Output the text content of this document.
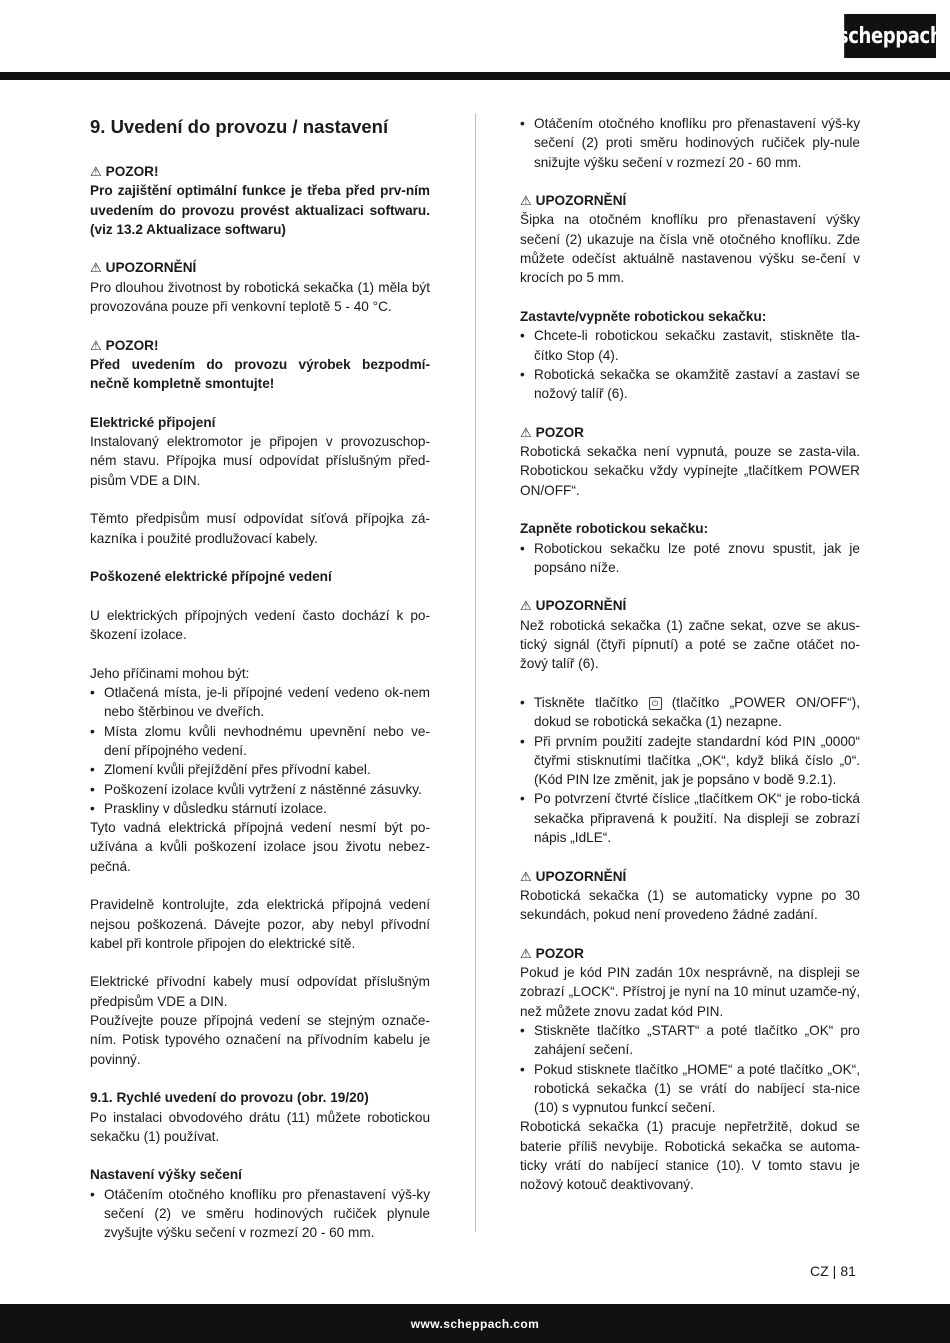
scheppach
9. Uvedení do provozu / nastavení

⚠ POZOR!

Pro zajištění optimální funkce je třeba před prv-ním uvedením do provozu provést aktualizaci softwaru. (viz 13.2 Aktualizace softwaru)

⚠ UPOZORNĚNÍ

Pro dlouhou životnost by robotická sekačka (1) měla být provozována pouze při venkovní teplotě 5 - 40 °C.

⚠ POZOR!

Před uvedením do provozu výrobek bezpodmí-nečně kompletně smontujte!

Elektrické připojení

Instalovaný elektromotor je připojen v provozuschop-ném stavu. Přípojka musí odpovídat příslušným před-pisům VDE a DIN.

Těmto předpisům musí odpovídat síťová přípojka zá-kazníka i použité prodlužovací kabely.

Poškozené elektrické přípojné vedení

U elektrických přípojných vedení často dochází k po-škození izolace.

Jeho příčinami mohou být:

• Otlačená místa, je-li přípojné vedení vedeno ok-nem nebo štěrbinou ve dveřích.
• Místa zlomu kvůli nevhodnému upevnění nebo ve-dení přípojného vedení.
• Zlomení kvůli přejíždění přes přívodní kabel.
• Poškození izolace kvůli vytržení z nástěnné zásuvky.
• Praskliny v důsledku stárnutí izolace.

Tyto vadná elektrická přípojná vedení nesmí být po-užívána a kvůli poškození izolace jsou životu nebez-pečná.

Pravidelně kontrolujte, zda elektrická přípojná vedení nejsou poškozená. Dávejte pozor, aby nebyl přívodní kabel při kontrole připojen do elektrické sítě.

Elektrické přívodní kabely musí odpovídat příslušným předpisům VDE a DIN.

Používejte pouze přípojná vedení se stejným označe-ním. Potisk typového označení na přívodním kabelu je povinný.

9.1. Rychlé uvedení do provozu (obr. 19/20)

Po instalaci obvodového drátu (11) můžete robotickou sekačku (1) používat.

Nastavení výšky sečení

• Otáčením otočného knoflíku pro přenastavení výš-ky sečení (2) ve směru hodinových ručiček plynule zvyšujte výšku sečení v rozmezí 20 - 60 mm.
• Otáčením otočného knoflíku pro přenastavení výš-ky sečení (2) proti směru hodinových ručiček ply-nule snižujte výšku sečení v rozmezí 20 - 60 mm.

⚠ UPOZORNĚNÍ

Šipka na otočném knoflíku pro přenastavení výšky sečení (2) ukazuje na čísla vně otočného knoflíku. Zde můžete odečíst aktuálně nastavenou výšku se-čení v krocích po 5 mm.

Zastavte/vypněte robotickou sekačku:

• Chcete-li robotickou sekačku zastavit, stiskněte tla-čítko Stop (4).
• Robotická sekačka se okamžitě zastaví a zastaví se nožový talíř (6).

⚠ POZOR

Robotická sekačka není vypnutá, pouze se zasta-vila. Robotickou sekačku vždy vypínejte „tlačítkem POWER ON/OFF“.

Zapněte robotickou sekačku:

• Robotickou sekačku lze poté znovu spustit, jak je popsáno níže.

⚠ UPOZORNĚNÍ

Než robotická sekačka (1) začne sekat, ozve se akus-tický signál (čtyři pípnutí) a poté se začne otáčet no-žový talíř (6).

• Tiskněte tlačítko ⏻ (tlačítko „POWER ON/OFF“), dokud se robotická sekačka (1) nezapne.
• Při prvním použití zadejte standardní kód PIN „0000“ čtyřmi stisknutími tlačítka „OK“, když bliká číslo „0“. (Kód PIN lze změnit, jak je popsáno v bodě 9.2.1).
• Po potvrzení čtvrté číslice „tlačítkem OK“ je robo-tická sekačka připravená k použití. Na displeji se zobrazí nápis „IdLE“.

⚠ UPOZORNĚNÍ

Robotická sekačka (1) se automaticky vypne po 30 sekundách, pokud není provedeno žádné zadání.

⚠ POZOR

Pokud je kód PIN zadán 10x nesprávně, na displeji se zobrazí „LOCK“. Přístroj je nyní na 10 minut uzamče-ný, než můžete znovu zadat kód PIN.

• Stiskněte tlačítko „START“ a poté tlačítko „OK“ pro zahájení sečení.
• Pokud stisknete tlačítko „HOME“ a poté tlačítko „OK“, robotická sekačka (1) se vrátí do nabíjecí sta-nice (10) s vypnutou funkcí sečení.

Robotická sekačka (1) pracuje nepřetržitě, dokud se baterie příliš nevybije. Robotická sekačka se automa-ticky vrátí do nabíjecí stanice (10). V tomto stavu je nožový kotouč deaktivovaný.

CZ | 81
www.scheppach.com
